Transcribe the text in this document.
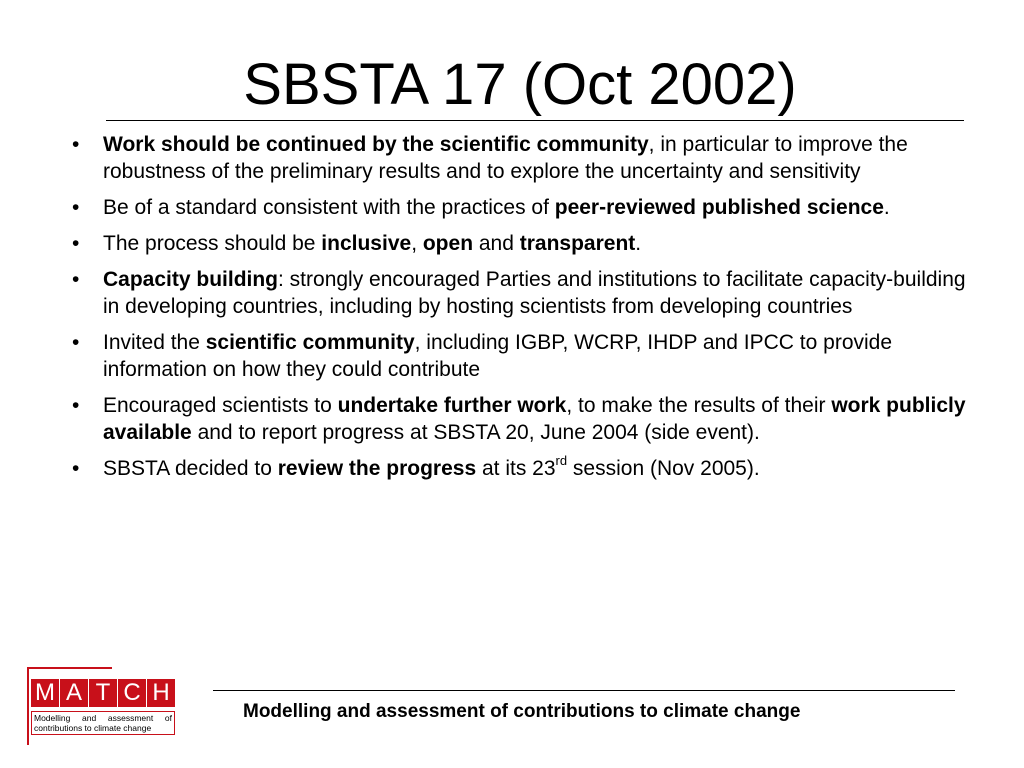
SBSTA 17 (Oct 2002)
• Work should be continued by the scientific community, in particular to improve the robustness of the preliminary results and to explore the uncertainty and sensitivity
• Be of a standard consistent with the practices of peer-reviewed published science.
• The process should be inclusive, open and transparent.
• Capacity building: strongly encouraged Parties and institutions to facilitate capacity-building in developing countries, including by hosting scientists from developing countries
• Invited the scientific community, including IGBP, WCRP, IHDP and IPCC to provide information on how they could contribute
• Encouraged scientists to undertake further work, to make the results of their work publicly available and to report progress at SBSTA 20, June 2004 (side event).
• SBSTA decided to review the progress at its 23rd session (Nov 2005).
M A T C H
Modelling and assessment of
contributions to climate change
Modelling and assessment of contributions to climate change
